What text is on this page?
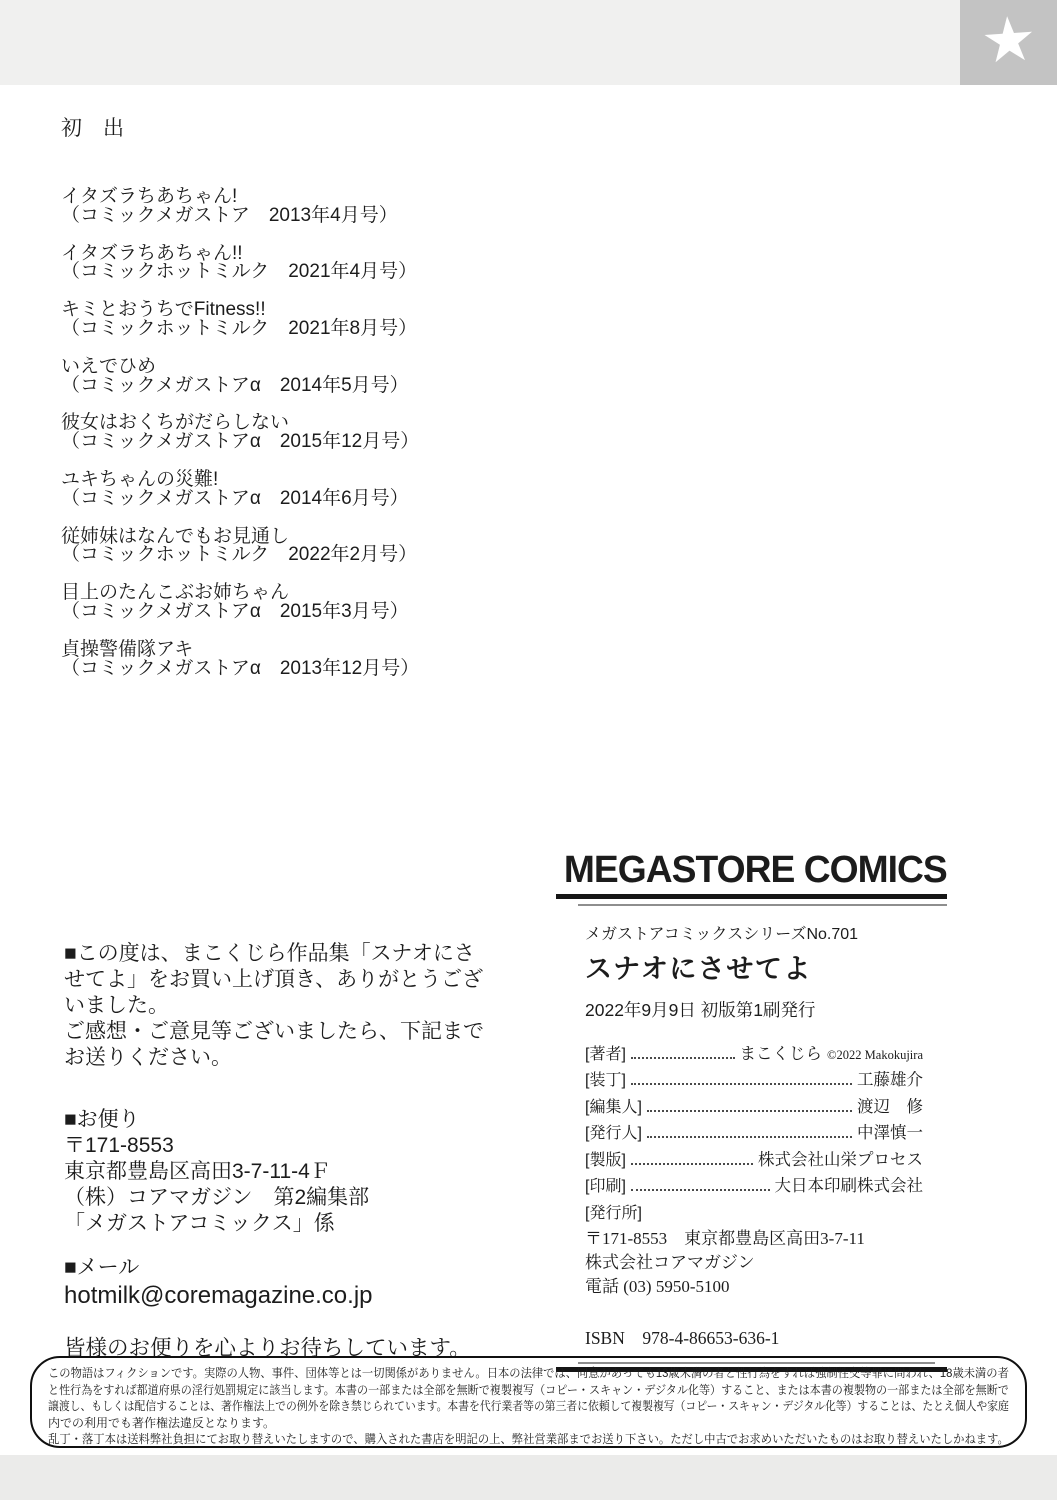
★
初　出
イタズラちあちゃん!
（コミックメガストア　2013年4月号）
イタズラちあちゃん!!
（コミックホットミルク　2021年4月号）
キミとおうちでFitness!!
（コミックホットミルク　2021年8月号）
いえでひめ
（コミックメガストアα　2014年5月号）
彼女はおくちがだらしない
（コミックメガストアα　2015年12月号）
ユキちゃんの災難!
（コミックメガストアα　2014年6月号）
従姉妹はなんでもお見通し
（コミックホットミルク　2022年2月号）
目上のたんこぶお姉ちゃん
（コミックメガストアα　2015年3月号）
貞操警備隊アキ
（コミックメガストアα　2013年12月号）
■この度は、まこくじら作品集「スナオにさ
せてよ」をお買い上げ頂き、ありがとうござ
いました。
ご感想・ご意見等ございましたら、下記まで
お送りください。
■お便り
〒171-8553
東京都豊島区高田3-7-11-4Ｆ
（株）コアマガジン　第2編集部
「メガストアコミックス」係
■メール
hotmilk@coremagazine.co.jp
皆様のお便りを心よりお待ちしています。
MEGASTORE COMICS
メガストアコミックスシリーズNo.701
スナオにさせてよ
2022年9月9日 初版第1刷発行
[著者]	まこくじら ©2022 Makokujira
[装丁]	工藤雄介
[編集人]	渡辺　修
[発行人]	中澤慎一
[製版]	株式会社山栄プロセス
[印刷]	大日本印刷株式会社
[発行所]
〒171-8553　東京都豊島区高田3-7-11
株式会社コアマガジン
電話 (03) 5950-5100
ISBN　978-4-86653-636-1
この物語はフィクションです。実際の人物、事件、団体等とは一切関係がありません。日本の法律では、同意があっても13歳未満の者と性行為をすれば強制性交等罪に問われ、18歳未満の者
と性行為をすれば都道府県の淫行処罰規定に該当します。本書の一部または全部を無断で複製複写（コピー・スキャン・デジタル化等）すること、または本書の複製物の一部または全部を無断で
譲渡し、もしくは配信することは、著作権法上での例外を除き禁じられています。本書を代行業者等の第三者に依頼して複製複写（コピー・スキャン・デジタル化等）することは、たとえ個人や家庭
内での利用でも著作権法違反となります。
乱丁・落丁本は送料弊社負担にてお取り替えいたしますので、購入された書店を明記の上、弊社営業部までお送り下さい。ただし中古でお求めいただいたものはお取り替えいたしかねます。
